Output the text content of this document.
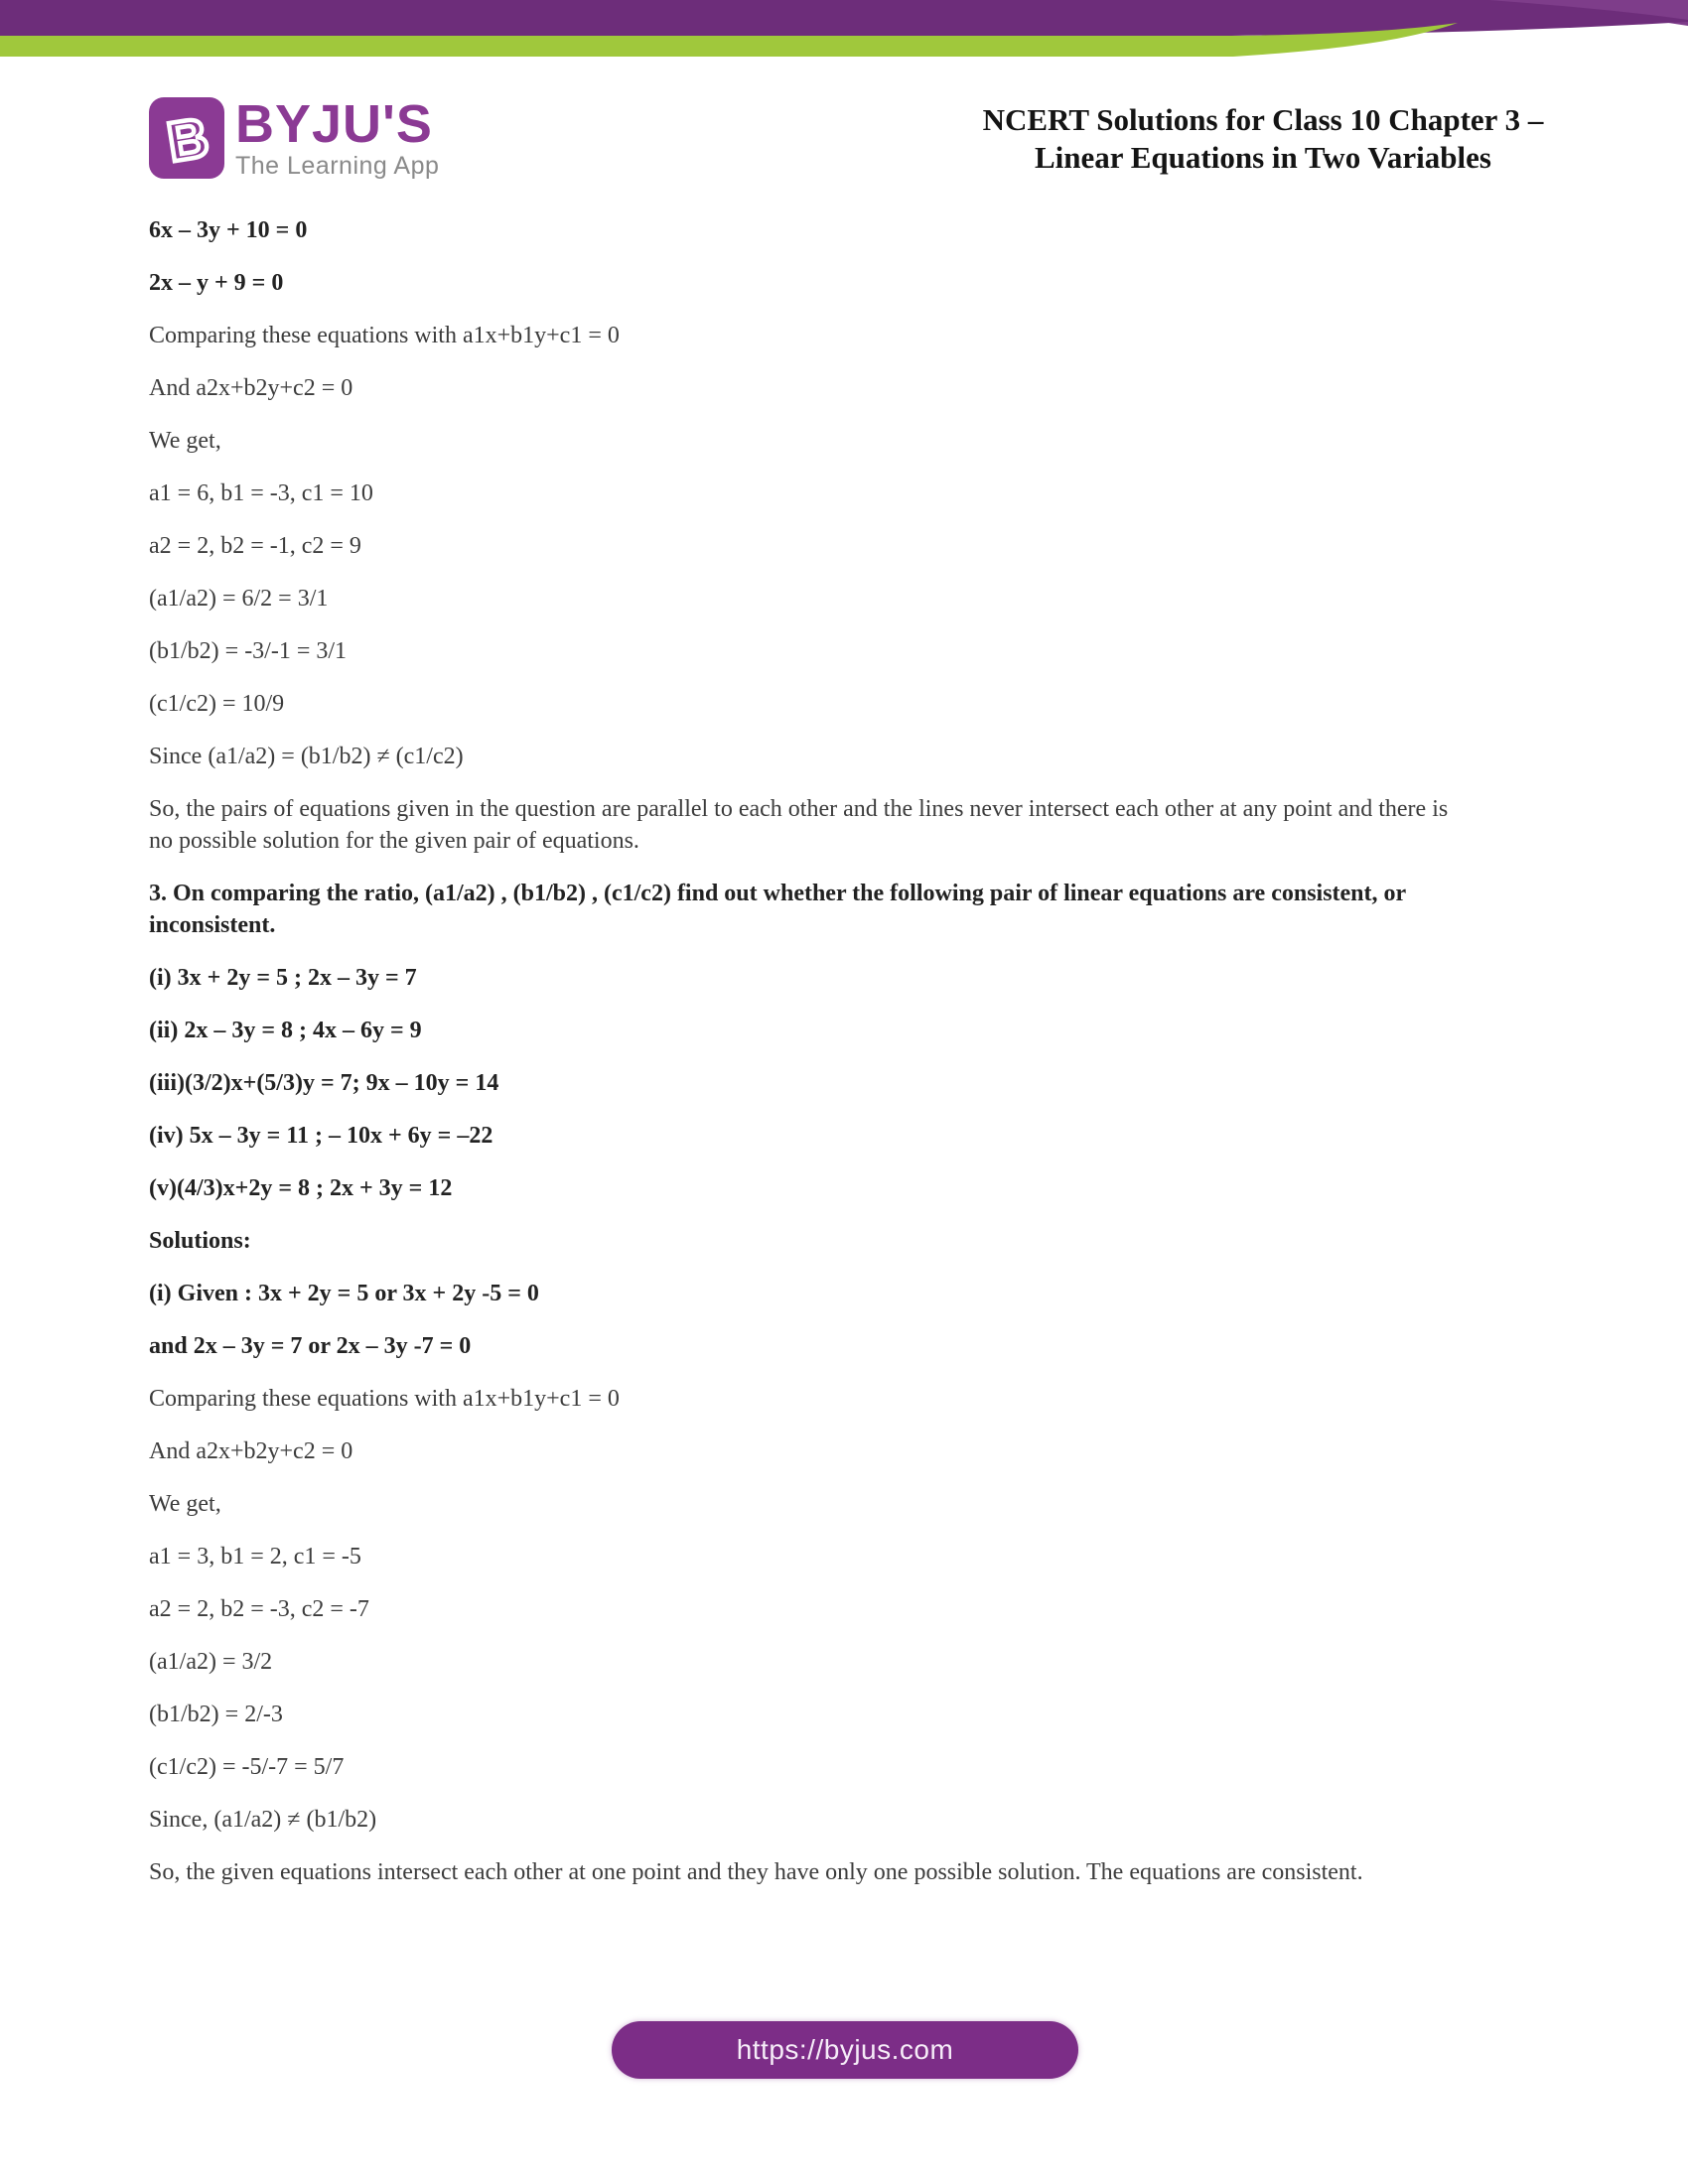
B BYJU'S
The Learning App
NCERT Solutions for Class 10 Chapter 3 –
Linear Equations in Two Variables

6x – 3y + 10 = 0

2x – y + 9 = 0

Comparing these equations with a1x+b1y+c1 = 0

And a2x+b2y+c2 = 0

We get,

a1 = 6, b1 = -3, c1 = 10

a2 = 2, b2 = -1, c2 = 9

(a1/a2) = 6/2 = 3/1

(b1/b2) = -3/-1 = 3/1

(c1/c2) = 10/9

Since (a1/a2) = (b1/b2) ≠ (c1/c2)

So, the pairs of equations given in the question are parallel to each other and the lines never intersect each other at any point and there is no possible solution for the given pair of equations.

3. On comparing the ratio, (a1/a2) , (b1/b2) , (c1/c2) find out whether the following pair of linear equations are consistent, or inconsistent.

(i) 3x + 2y = 5 ; 2x – 3y = 7

(ii) 2x – 3y = 8 ; 4x – 6y = 9

(iii)(3/2)x+(5/3)y = 7; 9x – 10y = 14

(iv) 5x – 3y = 11 ; – 10x + 6y = –22

(v)(4/3)x+2y = 8 ; 2x + 3y = 12

Solutions:

(i) Given : 3x + 2y = 5 or 3x + 2y -5 = 0

and 2x – 3y = 7 or 2x – 3y -7 = 0

Comparing these equations with a1x+b1y+c1 = 0

And a2x+b2y+c2 = 0

We get,

a1 = 3, b1 = 2, c1 = -5

a2 = 2, b2 = -3, c2 = -7

(a1/a2) = 3/2

(b1/b2) = 2/-3

(c1/c2) = -5/-7 = 5/7

Since, (a1/a2) ≠ (b1/b2)

So, the given equations intersect each other at one point and they have only one possible solution. The equations are consistent.

https://byjus.com
